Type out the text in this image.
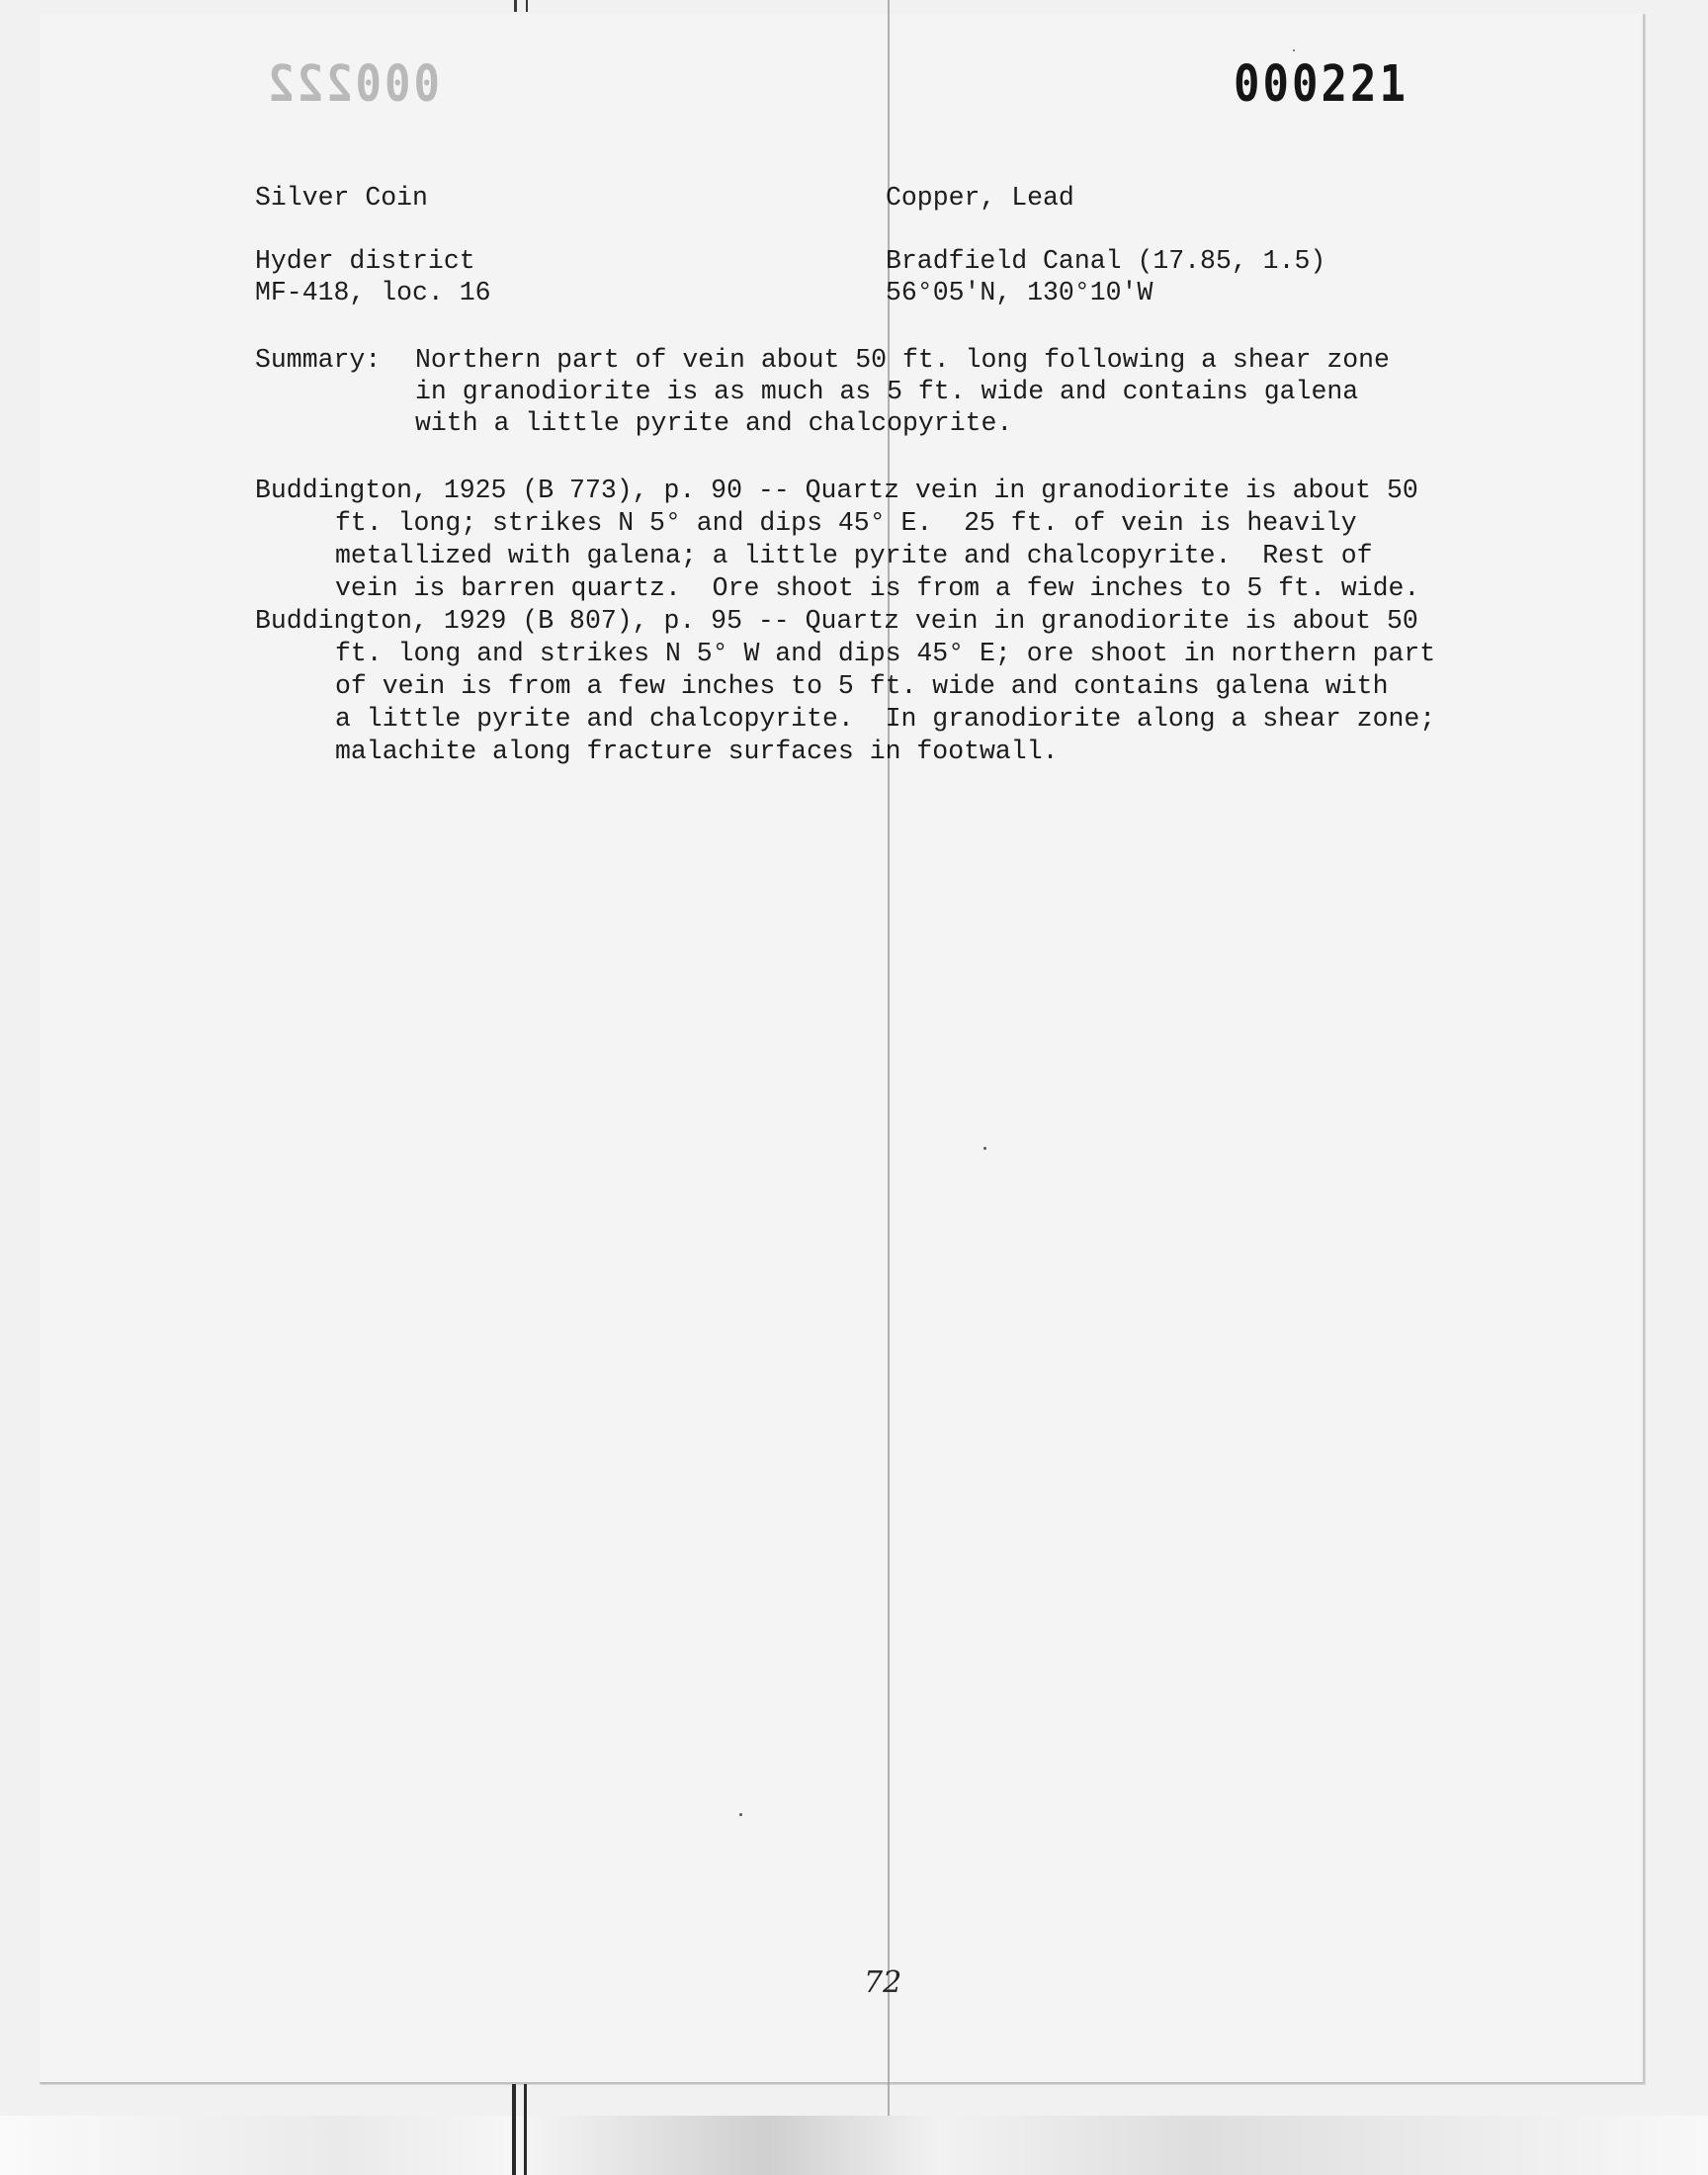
000222	000221
Silver Coin
Hyder district
MF-418, loc. 16
Copper, Lead
Bradfield Canal (17.85, 1.5)
56°05'N, 130°10'W
Summary: Northern part of vein about 50 ft. long following a shear zone
in granodiorite is as much as 5 ft. wide and contains galena
with a little pyrite and chalcopyrite.
Buddington, 1925 (B 773), p. 90 -- Quartz vein in granodiorite is about 50
ft. long; strikes N 5° and dips 45° E.  25 ft. of vein is heavily
metallized with galena; a little pyrite and chalcopyrite.  Rest of
vein is barren quartz.  Ore shoot is from a few inches to 5 ft. wide.
Buddington, 1929 (B 807), p. 95 -- Quartz vein in granodiorite is about 50
ft. long and strikes N 5° W and dips 45° E; ore shoot in northern part
of vein is from a few inches to 5 ft. wide and contains galena with
a little pyrite and chalcopyrite.  In granodiorite along a shear zone;
malachite along fracture surfaces in footwall.
72
